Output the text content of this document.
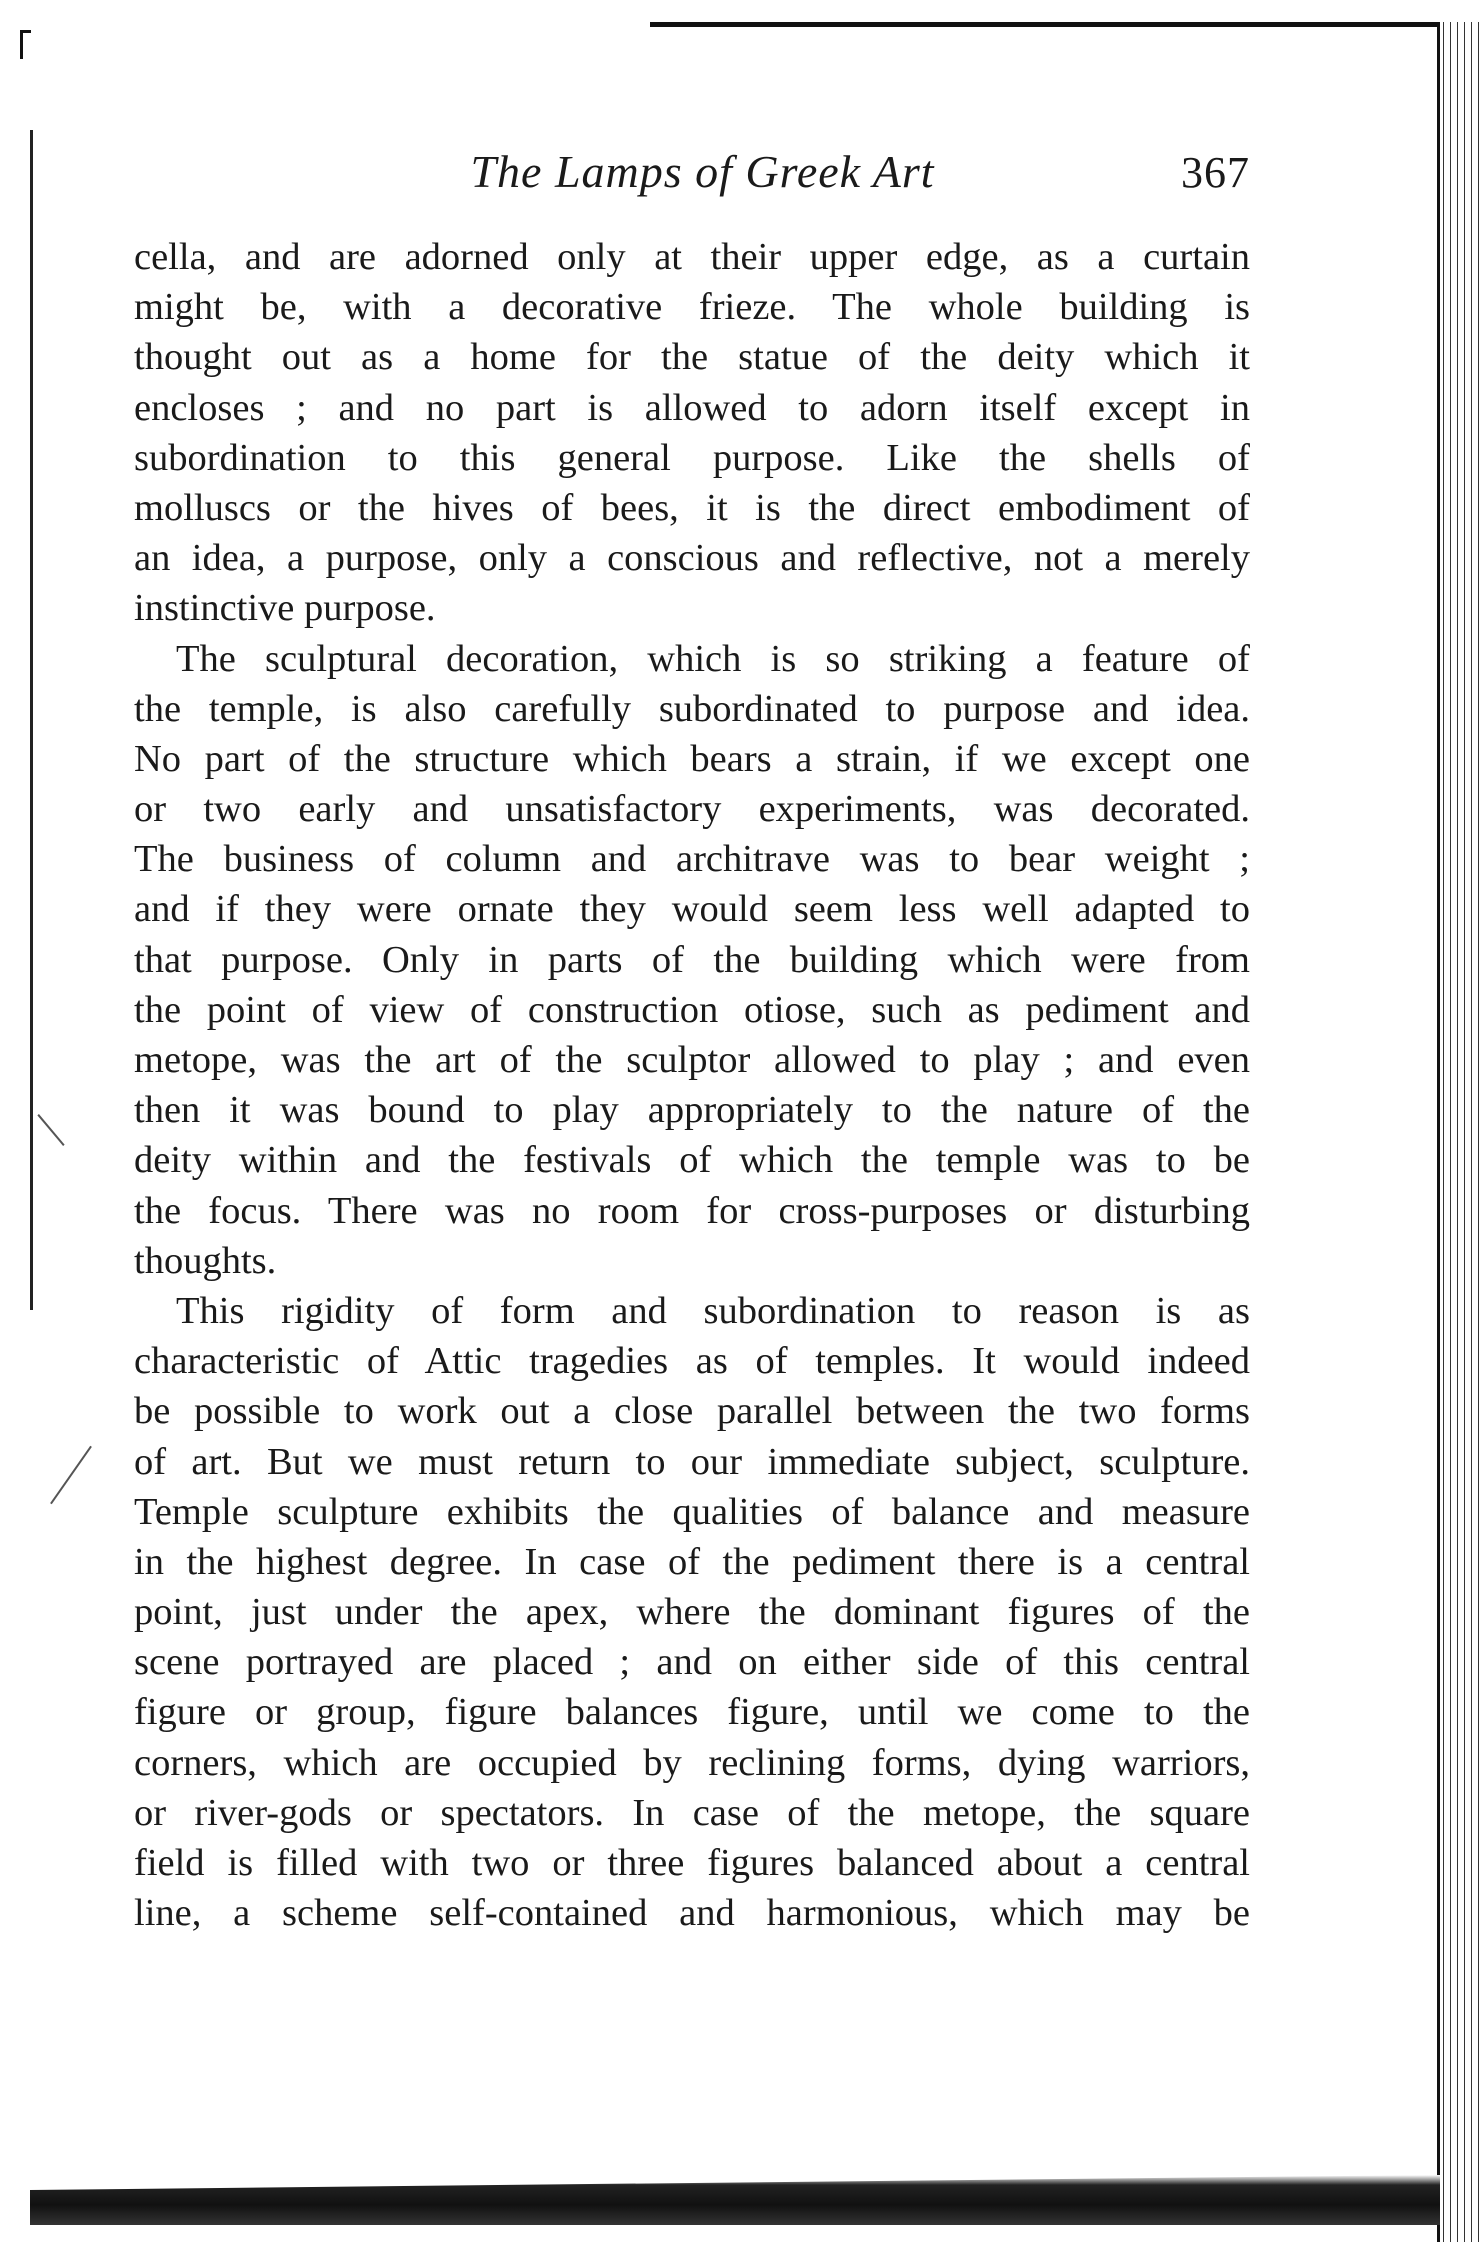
The Lamps of Greek Art	367
cella, and are adorned only at their upper edge, as a curtain
might be, with a decorative frieze. The whole building is
thought out as a home for the statue of the deity which it
encloses ; and no part is allowed to adorn itself except in
subordination to this general purpose. Like the shells of
molluscs or the hives of bees, it is the direct embodiment of
an idea, a purpose, only a conscious and reflective, not a merely
instinctive purpose.
The sculptural decoration, which is so striking a feature of
the temple, is also carefully subordinated to purpose and idea.
No part of the structure which bears a strain, if we except one
or two early and unsatisfactory experiments, was decorated.
The business of column and architrave was to bear weight ;
and if they were ornate they would seem less well adapted to
that purpose. Only in parts of the building which were from
the point of view of construction otiose, such as pediment and
metope, was the art of the sculptor allowed to play ; and even
then it was bound to play appropriately to the nature of the
deity within and the festivals of which the temple was to be
the focus. There was no room for cross-purposes or disturbing
thoughts.
This rigidity of form and subordination to reason is as
characteristic of Attic tragedies as of temples. It would indeed
be possible to work out a close parallel between the two forms
of art. But we must return to our immediate subject, sculpture.
Temple sculpture exhibits the qualities of balance and measure
in the highest degree. In case of the pediment there is a central
point, just under the apex, where the dominant figures of the
scene portrayed are placed ; and on either side of this central
figure or group, figure balances figure, until we come to the
corners, which are occupied by reclining forms, dying warriors,
or river-gods or spectators. In case of the metope, the square
field is filled with two or three figures balanced about a central
line, a scheme self-contained and harmonious, which may be
